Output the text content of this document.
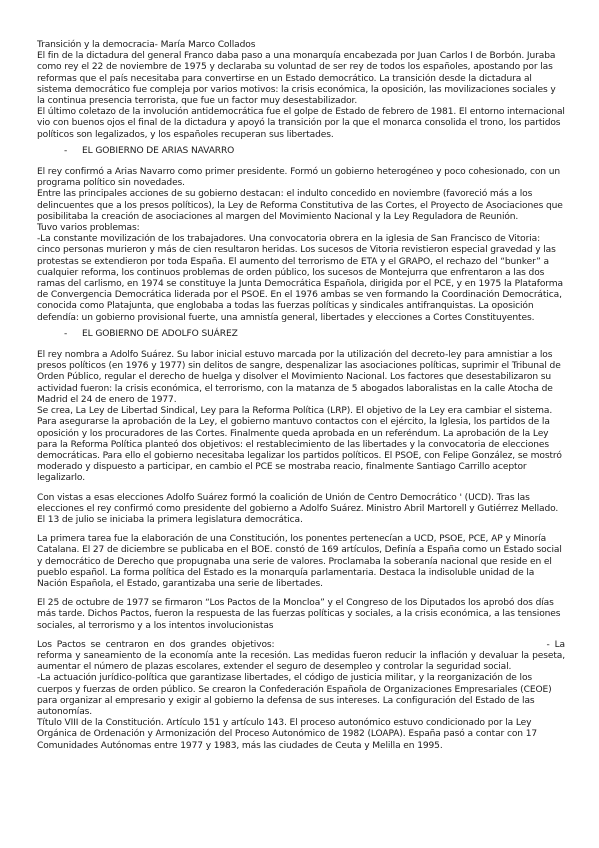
Transición y la democracia- María Marco Collados
El fin de la dictadura del general Franco daba paso a una monarquía encabezada por Juan Carlos I de Borbón. Juraba como rey el 22 de noviembre de 1975 y declaraba su voluntad de ser rey de todos los españoles, apostando por las reformas que el país necesitaba para convertirse en un Estado democrático. La transición desde la dictadura al sistema democrático fue compleja por varios motivos: la crisis económica, la oposición, las movilizaciones sociales y la continua presencia terrorista, que fue un factor muy desestabilizador.
El último coletazo de la involución antidemocrática fue el golpe de Estado de febrero de 1981. El entorno internacional vio con buenos ojos el final de la dictadura y apoyó la transición por la que el monarca consolida el trono, los partidos políticos son legalizados, y los españoles recuperan sus libertades.
- EL GOBIERNO DE ARIAS NAVARRO
El rey confirmó a Arias Navarro como primer presidente. Formó un gobierno heterogéneo y poco cohesionado, con un programa político sin novedades.
Entre las principales acciones de su gobierno destacan: el indulto concedido en noviembre (favoreció más a los delincuentes que a los presos políticos), la Ley de Reforma Constitutiva de las Cortes, el Proyecto de Asociaciones que posibilitaba la creación de asociaciones al margen del Movimiento Nacional y la Ley Reguladora de Reunión.
Tuvo varios problemas:
-La constante movilización de los trabajadores. Una convocatoria obrera en la iglesia de San Francisco de Vitoria: cinco personas murieron y más de cien resultaron heridas. Los sucesos de Vitoria revistieron especial gravedad y las protestas se extendieron por toda España. El aumento del terrorismo de ETA y el GRAPO, el rechazo del “bunker” a cualquier reforma, los continuos problemas de orden público, los sucesos de Montejurra que enfrentaron a las dos ramas del carlismo, en 1974 se constituye la Junta Democrática Española, dirigida por el PCE, y en 1975 la Plataforma de Convergencia Democrática liderada por el PSOE. En el 1976 ambas se ven formando la Coordinación Democrática, conocida como Platajunta, que englobaba a todas las fuerzas políticas y sindicales antifranquistas. La oposición defendía: un gobierno provisional fuerte, una amnistía general, libertades y elecciones a Cortes Constituyentes.
- EL GOBIERNO DE ADOLFO SUÁREZ
El rey nombra a Adolfo Suárez. Su labor inicial estuvo marcada por la utilización del decreto-ley para amnistiar a los presos políticos (en 1976 y 1977) sin delitos de sangre, despenalizar las asociaciones políticas, suprimir el Tribunal de Orden Público, regular el derecho de huelga y disolver el Movimiento Nacional. Los factores que desestabilizaron su actividad fueron: la crisis económica, el terrorismo, con la matanza de 5 abogados laboralistas en la calle Atocha de Madrid el 24 de enero de 1977.
Se crea, La Ley de Libertad Sindical, Ley para la Reforma Política (LRP). El objetivo de la Ley era cambiar el sistema. Para asegurarse la aprobación de la Ley, el gobierno mantuvo contactos con el ejército, la Iglesia, los partidos de la oposición y los procuradores de las Cortes. Finalmente queda aprobada en un referéndum. La aprobación de la Ley para la Reforma Política planteó dos objetivos: el restablecimiento de las libertades y la convocatoria de elecciones democráticas. Para ello el gobierno necesitaba legalizar los partidos políticos. El PSOE, con Felipe González, se mostró moderado y dispuesto a participar, en cambio el PCE se mostraba reacio, finalmente Santiago Carrillo aceptor legalizarlo.
Con vistas a esas elecciones Adolfo Suárez formó la coalición de Unión de Centro Democrático ' (UCD). Tras las elecciones el rey confirmó como presidente del gobierno a Adolfo Suárez. Ministro Abril Martorell y Gutiérrez Mellado. El 13 de julio se iniciaba la primera legislatura democrática.
La primera tarea fue la elaboración de una Constitución, los ponentes pertenecían a UCD, PSOE, PCE, AP y Minoría Catalana. El 27 de diciembre se publicaba en el BOE. constó de 169 artículos, Definía a España como un Estado social y democrático de Derecho que propugnaba una serie de valores. Proclamaba la soberanía nacional que reside en el pueblo español. La forma política del Estado es la monarquía parlamentaria. Destaca la indisoluble unidad de la Nación Española, el Estado, garantizaba una serie de libertades.
El 25 de octubre de 1977 se firmaron “Los Pactos de la Moncloa” y el Congreso de los Diputados los aprobó dos días más tarde. Dichos Pactos, fueron la respuesta de las fuerzas políticas y sociales, a la crisis económica, a las tensiones sociales, al terrorismo y a los intentos involucionistas
Los Pactos se centraron en dos grandes objetivos:	- La reforma y saneamiento de la economía ante la recesión. Las medidas fueron reducir la inflación y devaluar la peseta, aumentar el número de plazas escolares, extender el seguro de desempleo y controlar la seguridad social.
-La actuación jurídico-política que garantizase libertades, el código de justicia militar, y la reorganización de los cuerpos y fuerzas de orden público. Se crearon la Confederación Española de Organizaciones Empresariales (CEOE) para organizar al empresario y exigir al gobierno la defensa de sus intereses. La configuración del Estado de las autonomías.
Título VIII de la Constitución. Artículo 151 y artículo 143. El proceso autonómico estuvo condicionado por la Ley Orgánica de Ordenación y Armonización del Proceso Autonómico de 1982 (LOAPA). España pasó a contar con 17 Comunidades Autónomas entre 1977 y 1983, más las ciudades de Ceuta y Melilla en 1995.
